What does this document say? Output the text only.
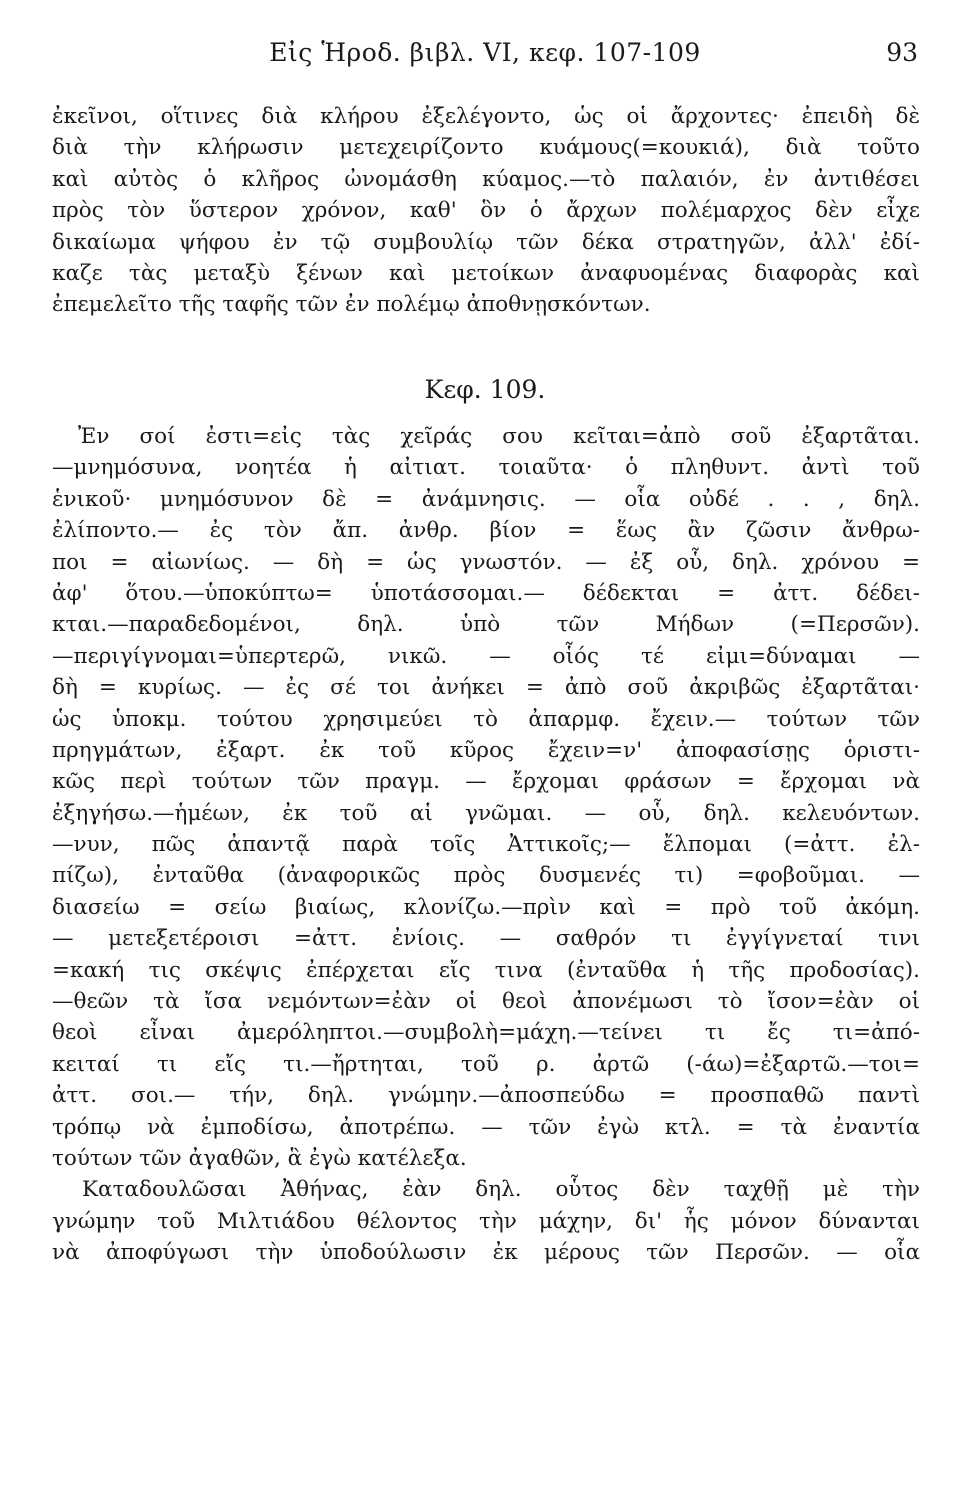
Εἰς Ἡροδ. βιβλ. VI, κεφ. 107-109	93
ἐκεῖνοι, οἵτινες διὰ κλήρου ἐξελέγοντο, ὡς οἱ ἄρχοντες· ἐπειδὴ δὲ
διὰ τὴν κλήρωσιν μετεχειρίζοντο κυάμους(=κουκιά), διὰ τοῦτο
καὶ αὐτὸς ὁ κλῆρος ὠνομάσθη κύαμος.—τὸ παλαιόν, ἐν ἀντιθέσει
πρὸς τὸν ὕστερον χρόνον, καθ' ὃν ὁ ἄρχων πολέμαρχος δὲν εἶχε
δικαίωμα ψήφου ἐν τῷ συμβουλίῳ τῶν δέκα στρατηγῶν, ἀλλ' ἐδί-
καζε τὰς μεταξὺ ξένων καὶ μετοίκων ἀναφυομένας διαφορὰς καὶ
ἐπεμελεῖτο τῆς ταφῆς τῶν ἐν πολέμῳ ἀποθνῃσκόντων.
Κεφ. 109.
Ἐν σοί ἐστι=εἰς τὰς χεῖράς σου κεῖται=ἀπὸ σοῦ ἐξαρτᾶται.
—μνημόσυνα, νοητέα ἡ αἰτιατ. τοιαῦτα· ὁ πληθυντ. ἀντὶ τοῦ
ἑνικοῦ· μνημόσυνον δὲ = ἀνάμνησις. — οἷα οὐδέ . . , δηλ.
ἐλίποντο.— ἐς τὸν ἄπ. ἀνθρ. βίον = ἕως ἂν ζῶσιν ἄνθρω-
ποι = αἰωνίως. — δὴ = ὡς γνωστόν. — ἐξ οὗ, δηλ. χρόνου =
ἀφ' ὅτου.—ὑποκύπτω= ὑποτάσσομαι.— δέδεκται = ἀττ. δέδει-
κται.—παραδεδομένοι, δηλ. ὑπὸ τῶν Μήδων (=Περσῶν).
—περιγίγνομαι=ὑπερτερῶ, νικῶ. — οἷός τέ εἰμι=δύναμαι —
δὴ = κυρίως. — ἐς σέ τοι ἀνήκει = ἀπὸ σοῦ ἀκριβῶς ἐξαρτᾶται·
ὡς ὑποκμ. τούτου χρησιμεύει τὸ ἀπαρμφ. ἔχειν.— τούτων τῶν
πρηγμάτων, ἐξαρτ. ἐκ τοῦ κῦρος ἔχειν=ν' ἀποφασίσῃς ὁριστι-
κῶς περὶ τούτων τῶν πραγμ. — ἔρχομαι φράσων = ἔρχομαι νὰ
ἐξηγήσω.—ἡμέων, ἐκ τοῦ αἱ γνῶμαι. — οὗ, δηλ. κελευόντων.
—νυν, πῶς ἀπαντᾷ παρὰ τοῖς Ἀττικοῖς;— ἔλπομαι (=ἀττ. ἐλ-
πίζω), ἐνταῦθα (ἀναφορικῶς πρὸς δυσμενές τι) =φοβοῦμαι. —
διασείω = σείω βιαίως, κλονίζω.—πρὶν καὶ = πρὸ τοῦ ἀκόμη.
— μετεξετέροισι =ἀττ. ἐνίοις. — σαθρόν τι ἐγγίγνεταί τινι
=κακή τις σκέψις ἐπέρχεται εἴς τινα (ἐνταῦθα ἡ τῆς προδοσίας).
—θεῶν τὰ ἴσα νεμόντων=ἐὰν οἱ θεοὶ ἀπονέμωσι τὸ ἴσον=ἐὰν οἱ
θεοὶ εἶναι ἀμερόληπτοι.—συμβολὴ=μάχη.—τείνει τι ἔς τι=ἀπό-
κειταί τι εἴς τι.—ἤρτηται, τοῦ ρ. ἀρτῶ (-άω)=ἐξαρτῶ.—τοι=
ἀττ. σοι.— τήν, δηλ. γνώμην.—ἀποσπεύδω = προσπαθῶ παντὶ
τρόπῳ νὰ ἐμποδίσω, ἀποτρέπω. — τῶν ἐγὼ κτλ. = τὰ ἐναντία
τούτων τῶν ἀγαθῶν, ἃ ἐγὼ κατέλεξα.
Καταδουλῶσαι Ἀθήνας, ἐὰν δηλ. οὗτος δὲν ταχθῇ μὲ τὴν
γνώμην τοῦ Μιλτιάδου θέλοντος τὴν μάχην, δι' ἧς μόνον δύνανται
νὰ ἀποφύγωσι τὴν ὑποδούλωσιν ἐκ μέρους τῶν Περσῶν. — οἷα
